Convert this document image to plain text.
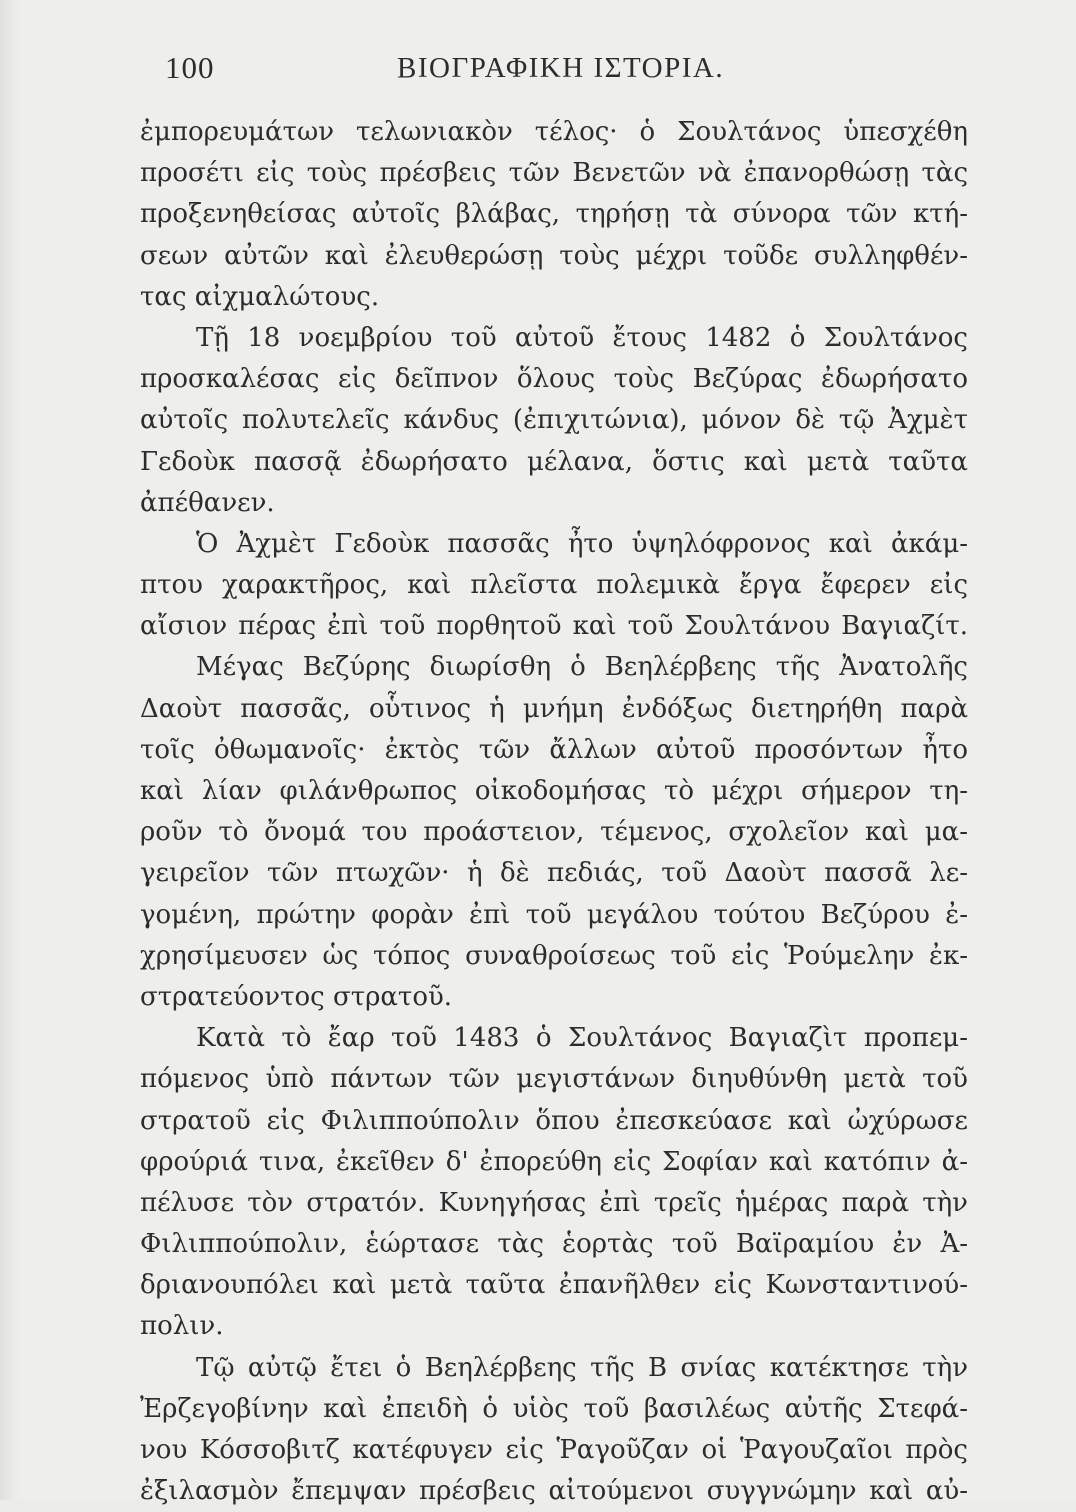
100	ΒΙΟΓΡΑΦΙΚΗ ΙΣΤΟΡΙΑ.
ἐμπορευμάτων τελωνιακὸν τέλος· ὁ Σουλτάνος ὑπεσχέθη
προσέτι εἰς τοὺς πρέσβεις τῶν Βενετῶν νὰ ἐπανορθώσῃ τὰς
προξενηθείσας αὐτοῖς βλάβας, τηρήσῃ τὰ σύνορα τῶν κτή-
σεων αὐτῶν καὶ ἐλευθερώσῃ τοὺς μέχρι τοῦδε συλληφθέν-
τας αἰχμαλώτους.
Τῇ 18 νοεμβρίου τοῦ αὐτοῦ ἔτους 1482 ὁ Σουλτάνος
προσκαλέσας εἰς δεῖπνον ὅλους τοὺς Βεζύρας ἐδωρήσατο
αὐτοῖς πολυτελεῖς κάνδυς (ἐπιχιτώνια), μόνον δὲ τῷ Ἀχμὲτ
Γεδοὺκ πασσᾷ ἐδωρήσατο μέλανα, ὅστις καὶ μετὰ ταῦτα
ἀπέθανεν.
Ὁ Ἀχμὲτ Γεδοὺκ πασσᾶς ἦτο ὑψηλόφρονος καὶ ἀκάμ-
πτου χαρακτῆρος, καὶ πλεῖστα πολεμικὰ ἔργα ἔφερεν εἰς
αἴσιον πέρας ἐπὶ τοῦ πορθητοῦ καὶ τοῦ Σουλτάνου Βαγιαζίτ.
Μέγας Βεζύρης διωρίσθη ὁ Βεηλέρβεης τῆς Ἀνατολῆς
Δαοὺτ πασσᾶς, οὗτινος ἡ μνήμη ἐνδόξως διετηρήθη παρὰ
τοῖς ὀθωμανοῖς· ἐκτὸς τῶν ἄλλων αὐτοῦ προσόντων ἦτο
καὶ λίαν φιλάνθρωπος οἰκοδομήσας τὸ μέχρι σήμερον τη-
ροῦν τὸ ὄνομά του προάστειον, τέμενος, σχολεῖον καὶ μα-
γειρεῖον τῶν πτωχῶν· ἡ δὲ πεδιάς, τοῦ Δαοὺτ πασσᾶ λε-
γομένη, πρώτην φορὰν ἐπὶ τοῦ μεγάλου τούτου Βεζύρου ἐ-
χρησίμευσεν ὡς τόπος συναθροίσεως τοῦ εἰς Ῥούμελην ἐκ-
στρατεύοντος στρατοῦ.
Κατὰ τὸ ἔαρ τοῦ 1483 ὁ Σουλτάνος Βαγιαζὶτ προπεμ-
πόμενος ὑπὸ πάντων τῶν μεγιστάνων διηυθύνθη μετὰ τοῦ
στρατοῦ εἰς Φιλιππούπολιν ὅπου ἐπεσκεύασε καὶ ὠχύρωσε
φρούριά τινα, ἐκεῖθεν δ' ἐπορεύθη εἰς Σοφίαν καὶ κατόπιν ἀ-
πέλυσε τὸν στρατόν. Κυνηγήσας ἐπὶ τρεῖς ἡμέρας παρὰ τὴν
Φιλιππούπολιν, ἑώρτασε τὰς ἑορτὰς τοῦ Βαϊραμίου ἐν Ἀ-
δριανουπόλει καὶ μετὰ ταῦτα ἐπανῆλθεν εἰς Κωνσταντινού-
πολιν.
Τῷ αὐτῷ ἔτει ὁ Βεηλέρβεης τῆς Β σνίας κατέκτησε τὴν
Ἐρζεγοβίνην καὶ ἐπειδὴ ὁ υἱὸς τοῦ βασιλέως αὐτῆς Στεφά-
νου Κόσσοβιτζ κατέφυγεν εἰς Ῥαγοῦζαν οἱ Ῥαγουζαῖοι πρὸς
ἐξιλασμὸν ἔπεμψαν πρέσβεις αἰτούμενοι συγγνώμην καὶ αὐ-
